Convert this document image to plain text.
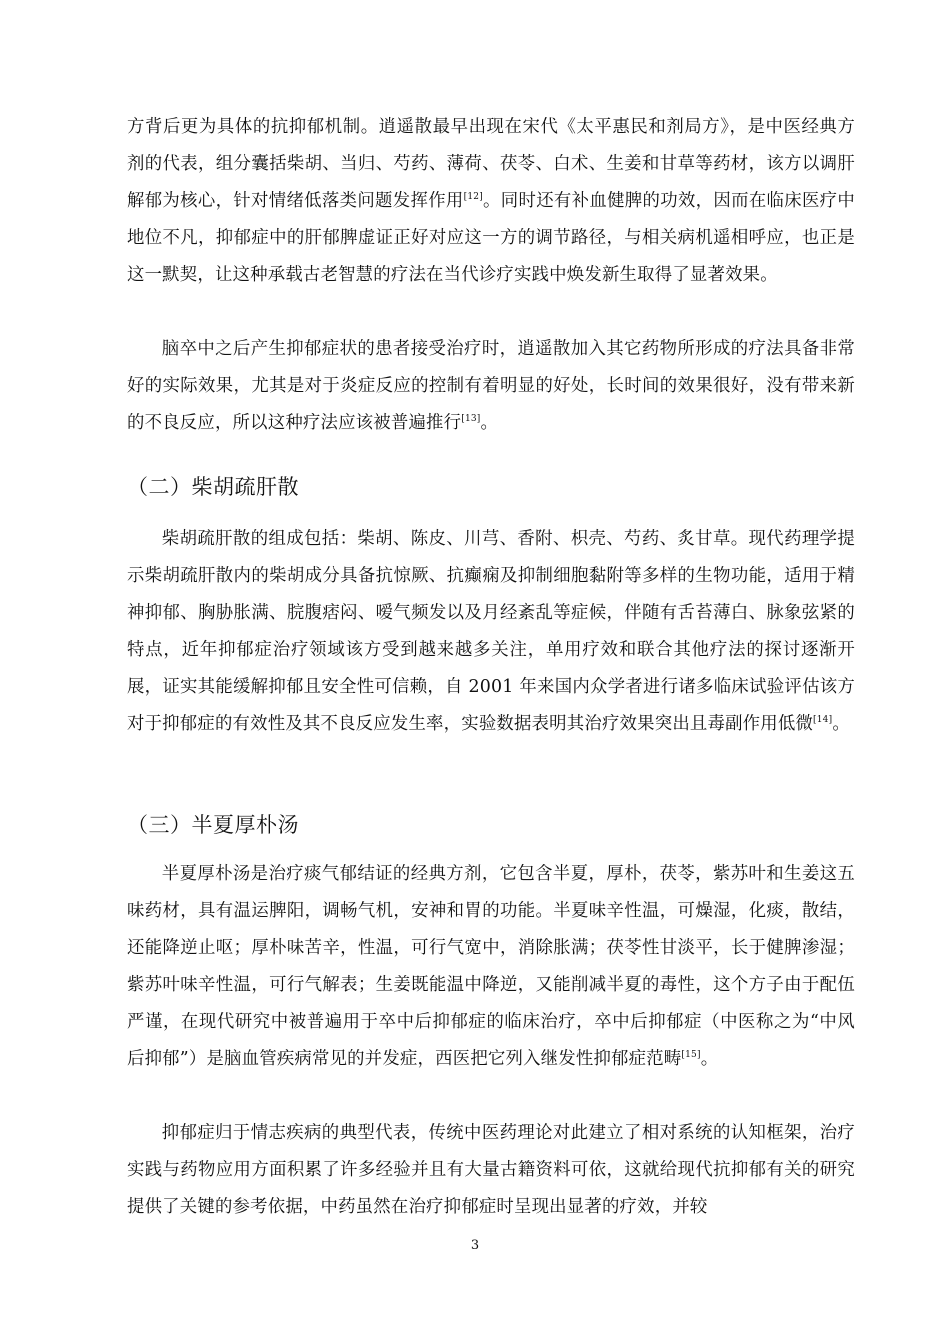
方背后更为具体的抗抑郁机制。逍遥散最早出现在宋代《太平惠民和剂局方》，是中医经典方剂的代表，组分囊括柴胡、当归、芍药、薄荷、茯苓、白术、生姜和甘草等药材，该方以调肝解郁为核心，针对情绪低落类问题发挥作用[12]。同时还有补血健脾的功效，因而在临床医疗中地位不凡，抑郁症中的肝郁脾虚证正好对应这一方的调节路径，与相关病机遥相呼应，也正是这一默契，让这种承载古老智慧的疗法在当代诊疗实践中焕发新生取得了显著效果。

脑卒中之后产生抑郁症状的患者接受治疗时，逍遥散加入其它药物所形成的疗法具备非常好的实际效果，尤其是对于炎症反应的控制有着明显的好处，长时间的效果很好，没有带来新的不良反应，所以这种疗法应该被普遍推行[13]。

（二）柴胡疏肝散

柴胡疏肝散的组成包括：柴胡、陈皮、川芎、香附、枳壳、芍药、炙甘草。现代药理学提示柴胡疏肝散内的柴胡成分具备抗惊厥、抗癫痫及抑制细胞黏附等多样的生物功能，适用于精神抑郁、胸胁胀满、脘腹痞闷、嗳气频发以及月经紊乱等症候，伴随有舌苔薄白、脉象弦紧的特点，近年抑郁症治疗领域该方受到越来越多关注，单用疗效和联合其他疗法的探讨逐渐开展，证实其能缓解抑郁且安全性可信赖，自 2001 年来国内众学者进行诸多临床试验评估该方对于抑郁症的有效性及其不良反应发生率，实验数据表明其治疗效果突出且毒副作用低微[14]。

（三）半夏厚朴汤

半夏厚朴汤是治疗痰气郁结证的经典方剂，它包含半夏，厚朴，茯苓，紫苏叶和生姜这五味药材，具有温运脾阳，调畅气机，安神和胃的功能。半夏味辛性温，可燥湿，化痰，散结，还能降逆止呕；厚朴味苦辛，性温，可行气宽中，消除胀满；茯苓性甘淡平，长于健脾渗湿；紫苏叶味辛性温，可行气解表；生姜既能温中降逆，又能削减半夏的毒性，这个方子由于配伍严谨，在现代研究中被普遍用于卒中后抑郁症的临床治疗，卒中后抑郁症（中医称之为“中风后抑郁”）是脑血管疾病常见的并发症，西医把它列入继发性抑郁症范畴[15]。

抑郁症归于情志疾病的典型代表，传统中医药理论对此建立了相对系统的认知框架，治疗实践与药物应用方面积累了许多经验并且有大量古籍资料可依，这就给现代抗抑郁有关的研究提供了关键的参考依据，中药虽然在治疗抑郁症时呈现出显著的疗效，并较

3
